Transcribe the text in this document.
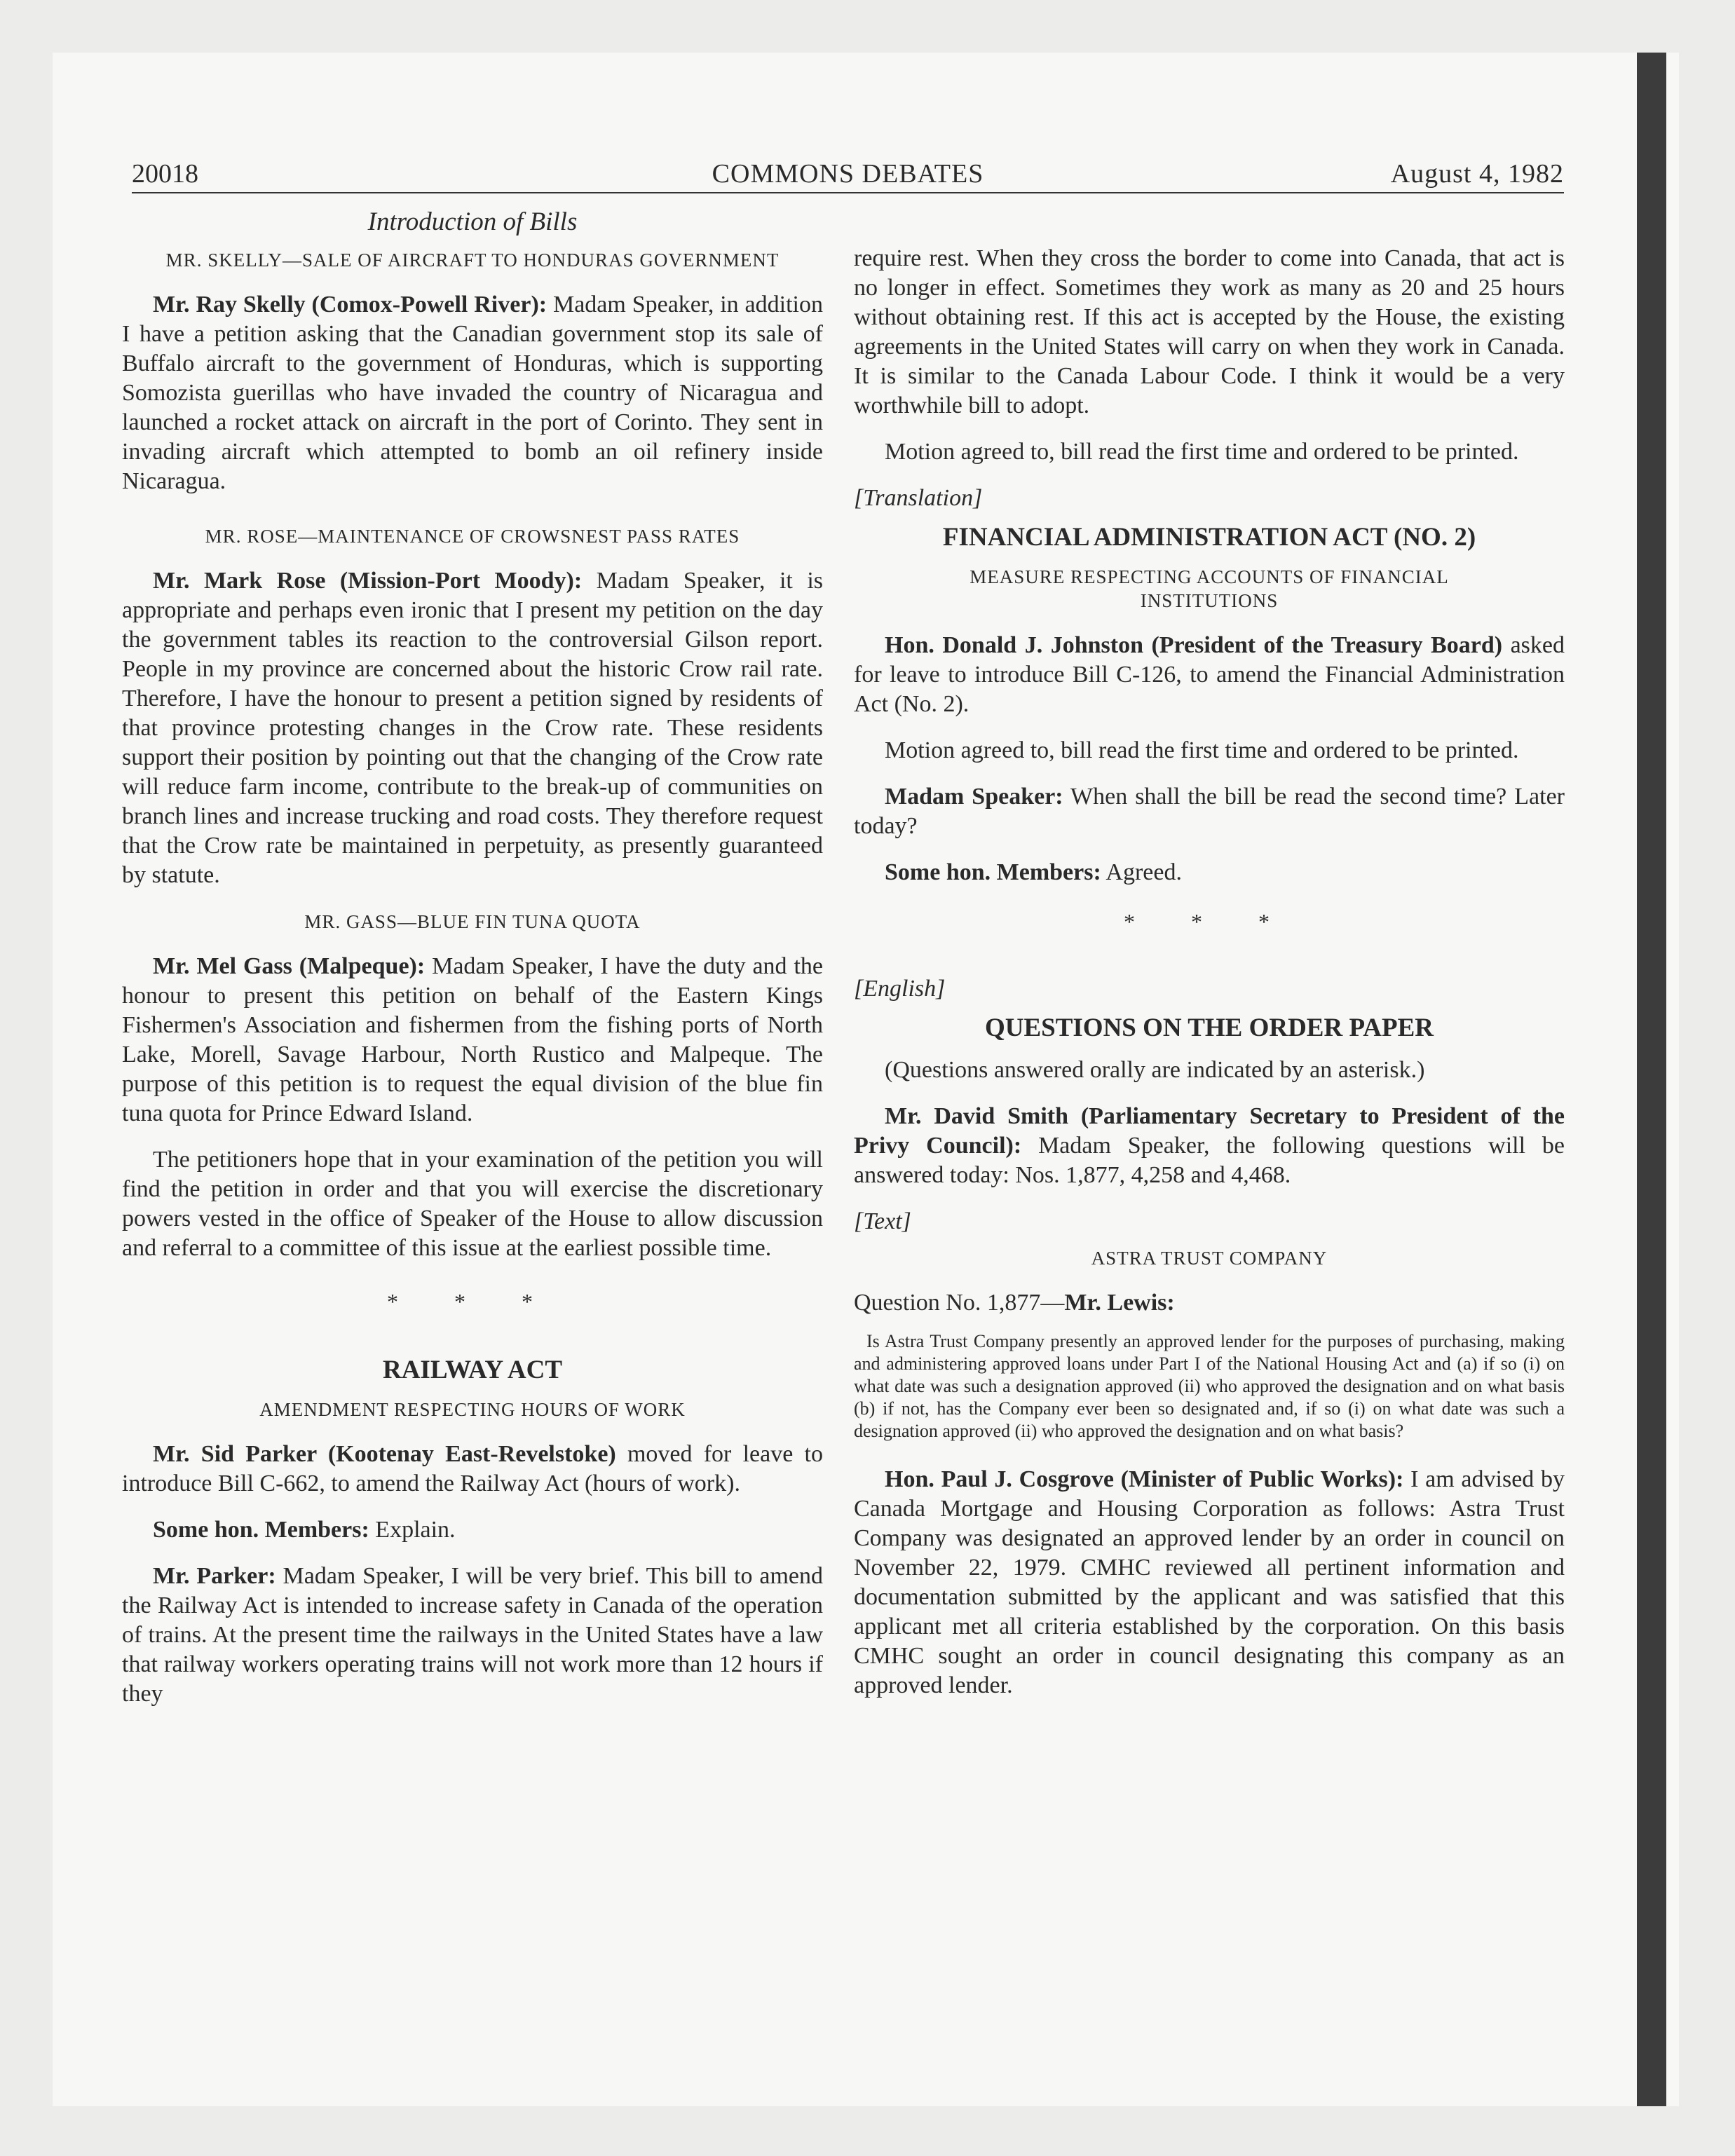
20018	COMMONS DEBATES	August 4, 1982
Introduction of Bills
MR. SKELLY—SALE OF AIRCRAFT TO HONDURAS GOVERNMENT

Mr. Ray Skelly (Comox-Powell River): Madam Speaker, in addition I have a petition asking that the Canadian government stop its sale of Buffalo aircraft to the government of Honduras, which is supporting Somozista guerillas who have invaded the country of Nicaragua and launched a rocket attack on aircraft in the port of Corinto. They sent in invading aircraft which attempted to bomb an oil refinery inside Nicaragua.

MR. ROSE—MAINTENANCE OF CROWSNEST PASS RATES

Mr. Mark Rose (Mission-Port Moody): Madam Speaker, it is appropriate and perhaps even ironic that I present my petition on the day the government tables its reaction to the controversial Gilson report. People in my province are concerned about the historic Crow rail rate. Therefore, I have the honour to present a petition signed by residents of that province protesting changes in the Crow rate. These residents support their position by pointing out that the changing of the Crow rate will reduce farm income, contribute to the break-up of communities on branch lines and increase trucking and road costs. They therefore request that the Crow rate be maintained in perpetuity, as presently guaranteed by statute.

MR. GASS—BLUE FIN TUNA QUOTA

Mr. Mel Gass (Malpeque): Madam Speaker, I have the duty and the honour to present this petition on behalf of the Eastern Kings Fishermen's Association and fishermen from the fishing ports of North Lake, Morell, Savage Harbour, North Rustico and Malpeque. The purpose of this petition is to request the equal division of the blue fin tuna quota for Prince Edward Island.

The petitioners hope that in your examination of the petition you will find the petition in order and that you will exercise the discretionary powers vested in the office of Speaker of the House to allow discussion and referral to a committee of this issue at the earliest possible time.

* * *
RAILWAY ACT
AMENDMENT RESPECTING HOURS OF WORK

Mr. Sid Parker (Kootenay East-Revelstoke) moved for leave to introduce Bill C-662, to amend the Railway Act (hours of work).

Some hon. Members: Explain.

Mr. Parker: Madam Speaker, I will be very brief. This bill to amend the Railway Act is intended to increase safety in Canada of the operation of trains. At the present time the railways in the United States have a law that railway workers operating trains will not work more than 12 hours if they

require rest. When they cross the border to come into Canada, that act is no longer in effect. Sometimes they work as many as 20 and 25 hours without obtaining rest. If this act is accepted by the House, the existing agreements in the United States will carry on when they work in Canada. It is similar to the Canada Labour Code. I think it would be a very worthwhile bill to adopt.

Motion agreed to, bill read the first time and ordered to be printed.

[Translation]

FINANCIAL ADMINISTRATION ACT (NO. 2)
MEASURE RESPECTING ACCOUNTS OF FINANCIAL INSTITUTIONS

Hon. Donald J. Johnston (President of the Treasury Board) asked for leave to introduce Bill C-126, to amend the Financial Administration Act (No. 2).

Motion agreed to, bill read the first time and ordered to be printed.

Madam Speaker: When shall the bill be read the second time? Later today?

Some hon. Members: Agreed.

* * *

[English]

QUESTIONS ON THE ORDER PAPER

(Questions answered orally are indicated by an asterisk.)

Mr. David Smith (Parliamentary Secretary to President of the Privy Council): Madam Speaker, the following questions will be answered today: Nos. 1,877, 4,258 and 4,468.

[Text]

ASTRA TRUST COMPANY

Question No. 1,877—Mr. Lewis:

Is Astra Trust Company presently an approved lender for the purposes of purchasing, making and administering approved loans under Part I of the National Housing Act and (a) if so (i) on what date was such a designation approved (ii) who approved the designation and on what basis (b) if not, has the Company ever been so designated and, if so (i) on what date was such a designation approved (ii) who approved the designation and on what basis?

Hon. Paul J. Cosgrove (Minister of Public Works): I am advised by Canada Mortgage and Housing Corporation as follows: Astra Trust Company was designated an approved lender by an order in council on November 22, 1979. CMHC reviewed all pertinent information and documentation submitted by the applicant and was satisfied that this applicant met all criteria established by the corporation. On this basis CMHC sought an order in council designating this company as an approved lender.
